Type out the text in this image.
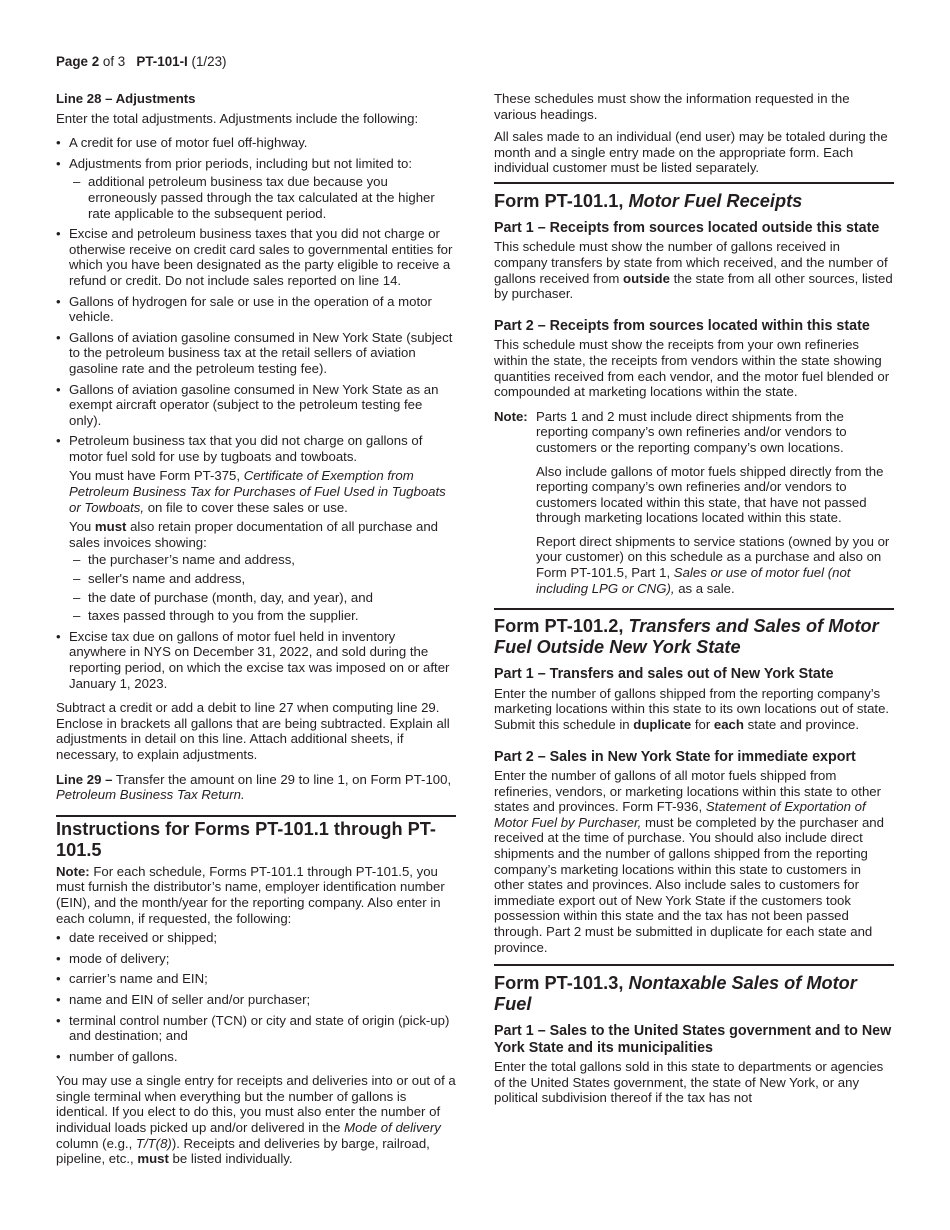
Page 2 of 3 PT-101-I (1/23)
Line 28 – Adjustments

Enter the total adjustments. Adjustments include the following:

• A credit for use of motor fuel off-highway.
• Adjustments from prior periods, including but not limited to:
– additional petroleum business tax due because you erroneously passed through the tax calculated at the higher rate applicable to the subsequent period.
• Excise and petroleum business taxes that you did not charge or otherwise receive on credit card sales to governmental entities for which you have been designated as the party eligible to receive a refund or credit. Do not include sales reported on line 14.
• Gallons of hydrogen for sale or use in the operation of a motor vehicle.
• Gallons of aviation gasoline consumed in New York State (subject to the petroleum business tax at the retail sellers of aviation gasoline rate and the petroleum testing fee).
• Gallons of aviation gasoline consumed in New York State as an exempt aircraft operator (subject to the petroleum testing fee only).
• Petroleum business tax that you did not charge on gallons of motor fuel sold for use by tugboats and towboats.
You must have Form PT-375, Certificate of Exemption from Petroleum Business Tax for Purchases of Fuel Used in Tugboats or Towboats, on file to cover these sales or use.
You must also retain proper documentation of all purchase and sales invoices showing:
– the purchaser’s name and address,
– seller's name and address,
– the date of purchase (month, day, and year), and
– taxes passed through to you from the supplier.
• Excise tax due on gallons of motor fuel held in inventory anywhere in NYS on December 31, 2022, and sold during the reporting period, on which the excise tax was imposed on or after January 1, 2023.

Subtract a credit or add a debit to line 27 when computing line 29. Enclose in brackets all gallons that are being subtracted. Explain all adjustments in detail on this line. Attach additional sheets, if necessary, to explain adjustments.

Line 29 – Transfer the amount on line 29 to line 1, on Form PT-100, Petroleum Business Tax Return.

Instructions for Forms PT-101.1 through PT-101.5

Note: For each schedule, Forms PT-101.1 through PT-101.5, you must furnish the distributor’s name, employer identification number (EIN), and the month/year for the reporting company. Also enter in each column, if requested, the following:

• date received or shipped;
• mode of delivery;
• carrier’s name and EIN;
• name and EIN of seller and/or purchaser;
• terminal control number (TCN) or city and state of origin (pick-up) and destination; and
• number of gallons.

You may use a single entry for receipts and deliveries into or out of a single terminal when everything but the number of gallons is identical. If you elect to do this, you must also enter the number of individual loads picked up and/or delivered in the Mode of delivery column (e.g., T/T(8)). Receipts and deliveries by barge, railroad, pipeline, etc., must be listed individually.

These schedules must show the information requested in the various headings.

All sales made to an individual (end user) may be totaled during the month and a single entry made on the appropriate form. Each individual customer must be listed separately.

Form PT-101.1, Motor Fuel Receipts
Part 1 – Receipts from sources located outside this state

This schedule must show the number of gallons received in company transfers by state from which received, and the number of gallons received from outside the state from all other sources, listed by purchaser.

Part 2 – Receipts from sources located within this state

This schedule must show the receipts from your own refineries within the state, the receipts from vendors within the state showing quantities received from each vendor, and the motor fuel blended or compounded at marketing locations within the state.

Note: Parts 1 and 2 must include direct shipments from the reporting company’s own refineries and/or vendors to customers or the reporting company’s own locations.

Also include gallons of motor fuels shipped directly from the reporting company’s own refineries and/or vendors to customers located within this state, that have not passed through marketing locations located within this state.

Report direct shipments to service stations (owned by you or your customer) on this schedule as a purchase and also on Form PT-101.5, Part 1, Sales or use of motor fuel (not including LPG or CNG), as a sale.

Form PT-101.2, Transfers and Sales of Motor Fuel Outside New York State
Part 1 – Transfers and sales out of New York State

Enter the number of gallons shipped from the reporting company’s marketing locations within this state to its own locations out of state. Submit this schedule in duplicate for each state and province.

Part 2 – Sales in New York State for immediate export

Enter the number of gallons of all motor fuels shipped from refineries, vendors, or marketing locations within this state to other states and provinces. Form FT-936, Statement of Exportation of Motor Fuel by Purchaser, must be completed by the purchaser and received at the time of purchase. You should also include direct shipments and the number of gallons shipped from the reporting company’s marketing locations within this state to customers in other states and provinces. Also include sales to customers for immediate export out of New York State if the customers took possession within this state and the tax has not been passed through. Part 2 must be submitted in duplicate for each state and province.

Form PT-101.3, Nontaxable Sales of Motor Fuel
Part 1 – Sales to the United States government and to New York State and its municipalities

Enter the total gallons sold in this state to departments or agencies of the United States government, the state of New York, or any political subdivision thereof if the tax has not
